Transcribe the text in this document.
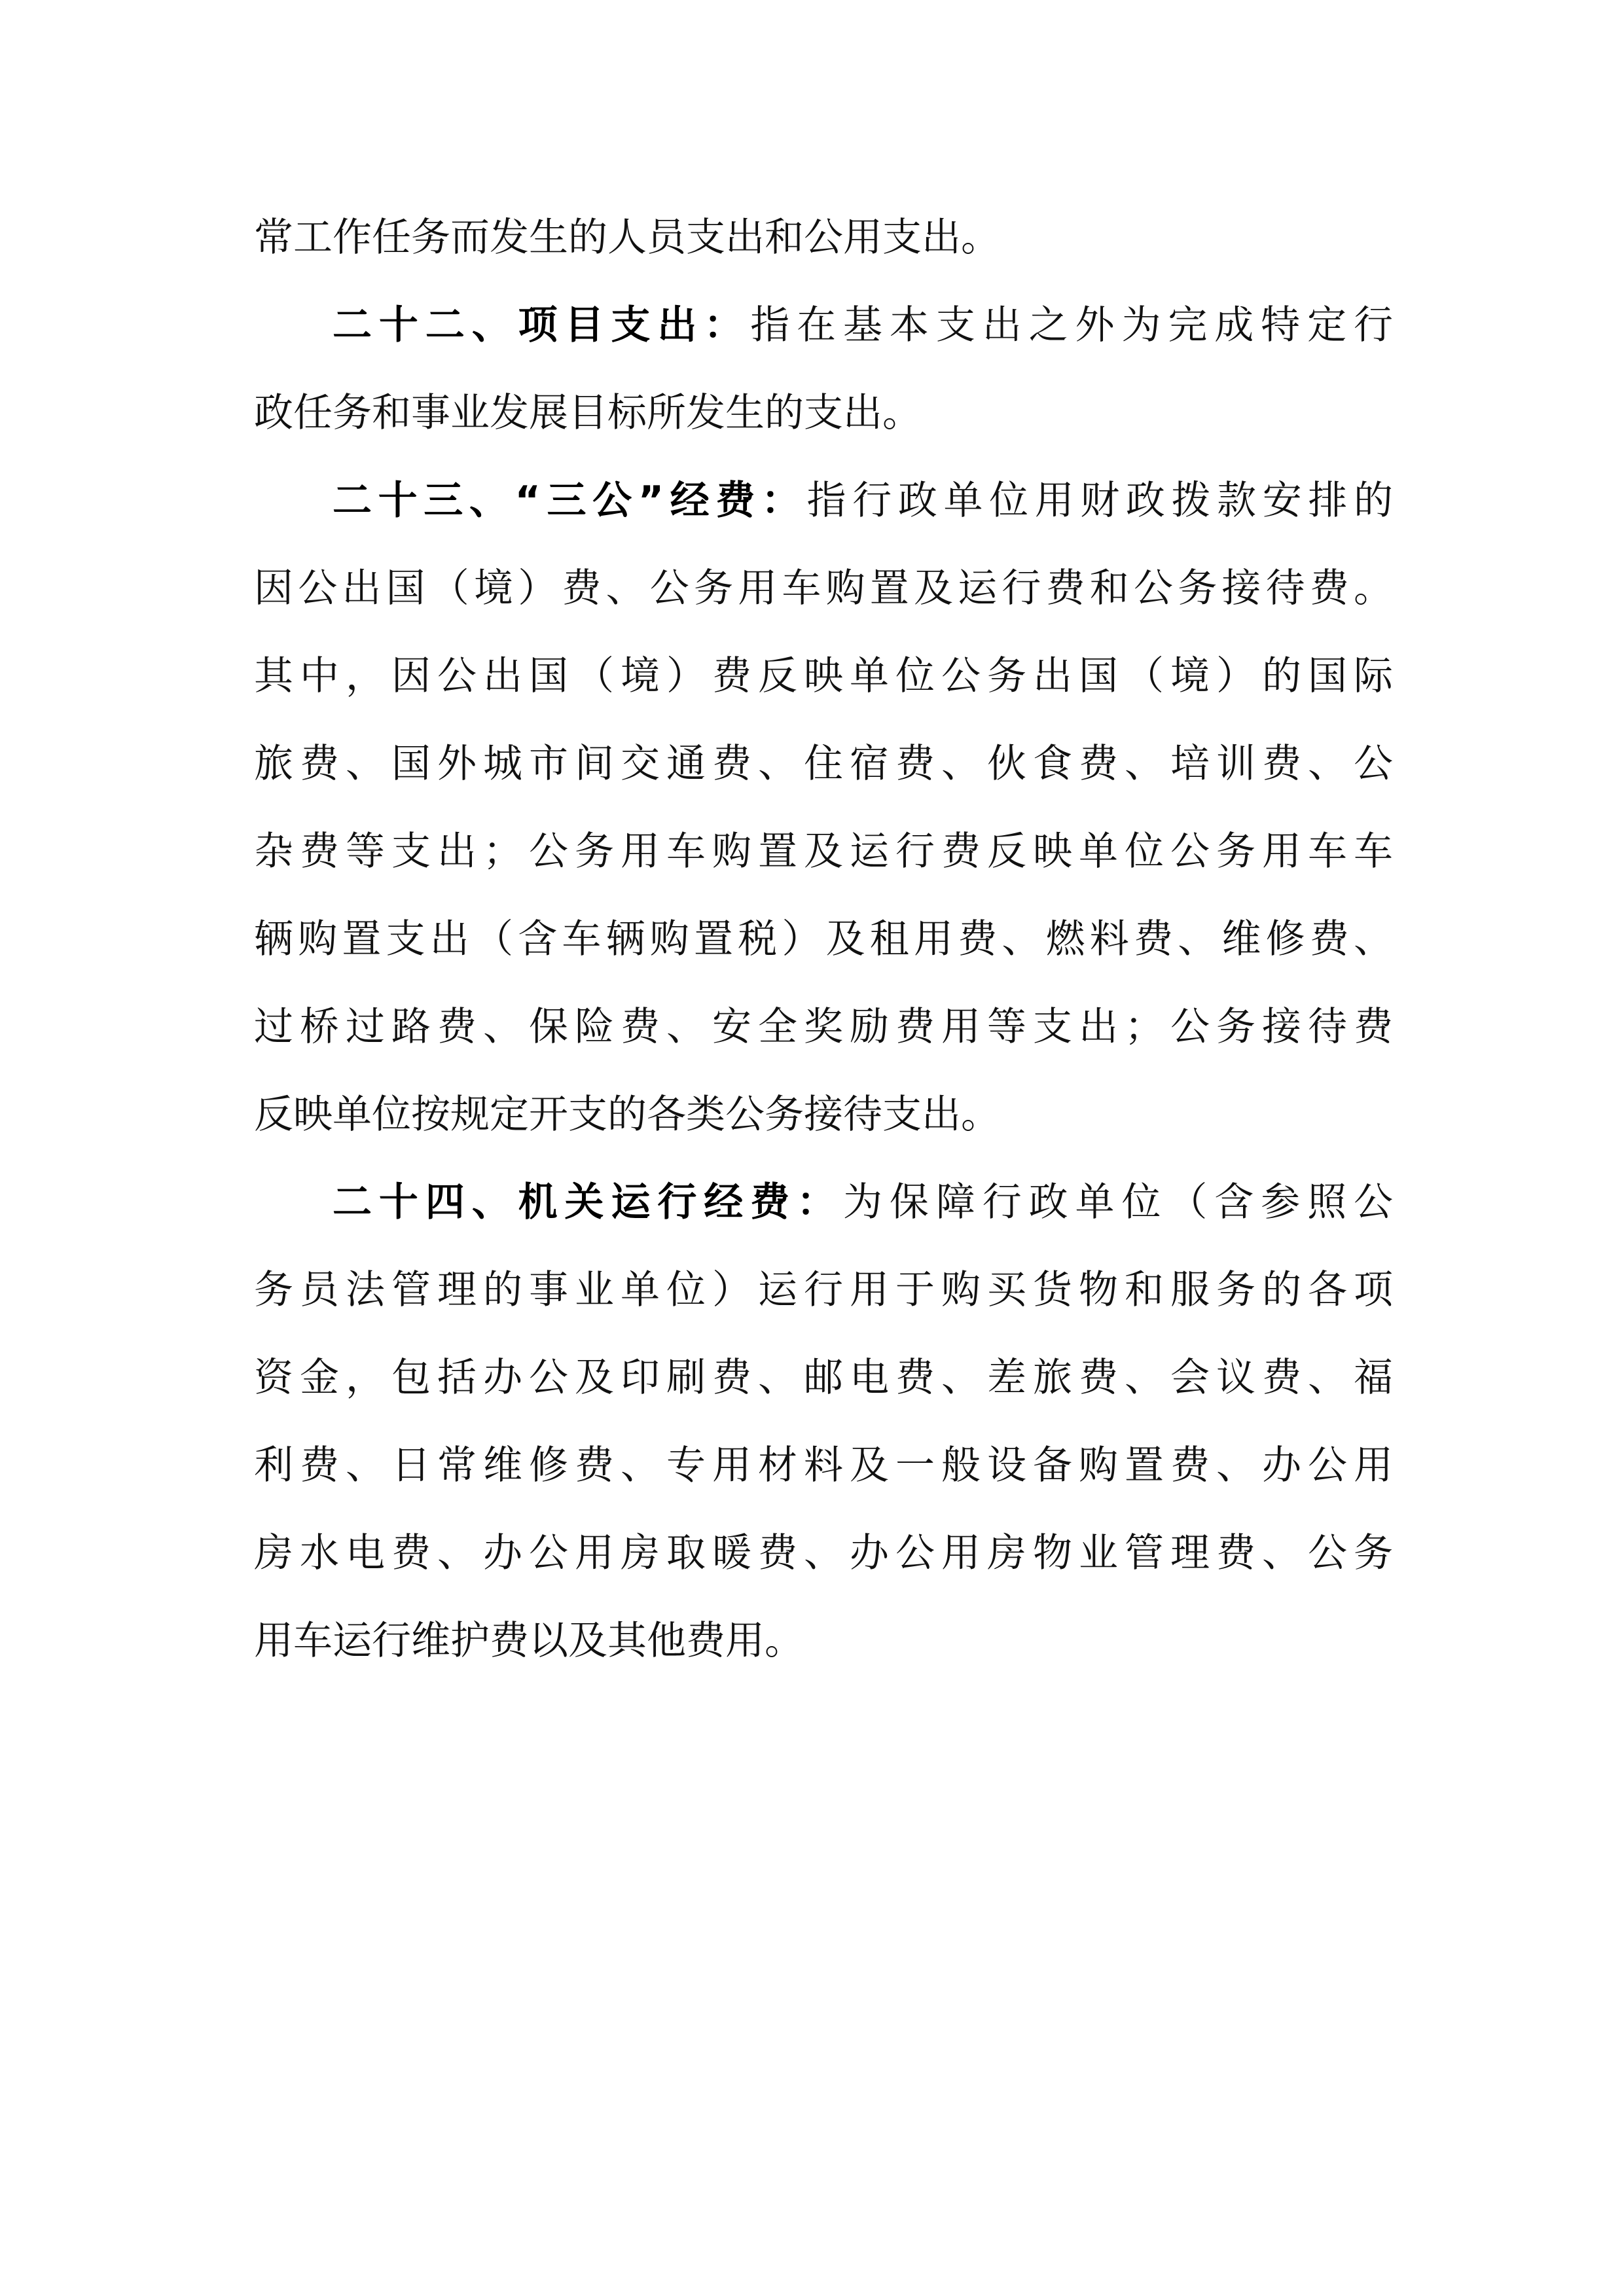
常工作任务而发生的人员支出和公用支出。

二十二、项目支出：指在基本支出之外为完成特定行

政任务和事业发展目标所发生的支出。

二十三、“三公”经费：指行政单位用财政拨款安排的

因公出国（境）费、公务用车购置及运行费和公务接待费。

其中，因公出国（境）费反映单位公务出国（境）的国际

旅费、国外城市间交通费、住宿费、伙食费、培训费、公

杂费等支出；公务用车购置及运行费反映单位公务用车车

辆购置支出（含车辆购置税）及租用费、燃料费、维修费、

过桥过路费、保险费、安全奖励费用等支出；公务接待费

反映单位按规定开支的各类公务接待支出。

二十四、机关运行经费：为保障行政单位（含参照公

务员法管理的事业单位）运行用于购买货物和服务的各项

资金，包括办公及印刷费、邮电费、差旅费、会议费、福

利费、日常维修费、专用材料及一般设备购置费、办公用

房水电费、办公用房取暖费、办公用房物业管理费、公务

用车运行维护费以及其他费用。
